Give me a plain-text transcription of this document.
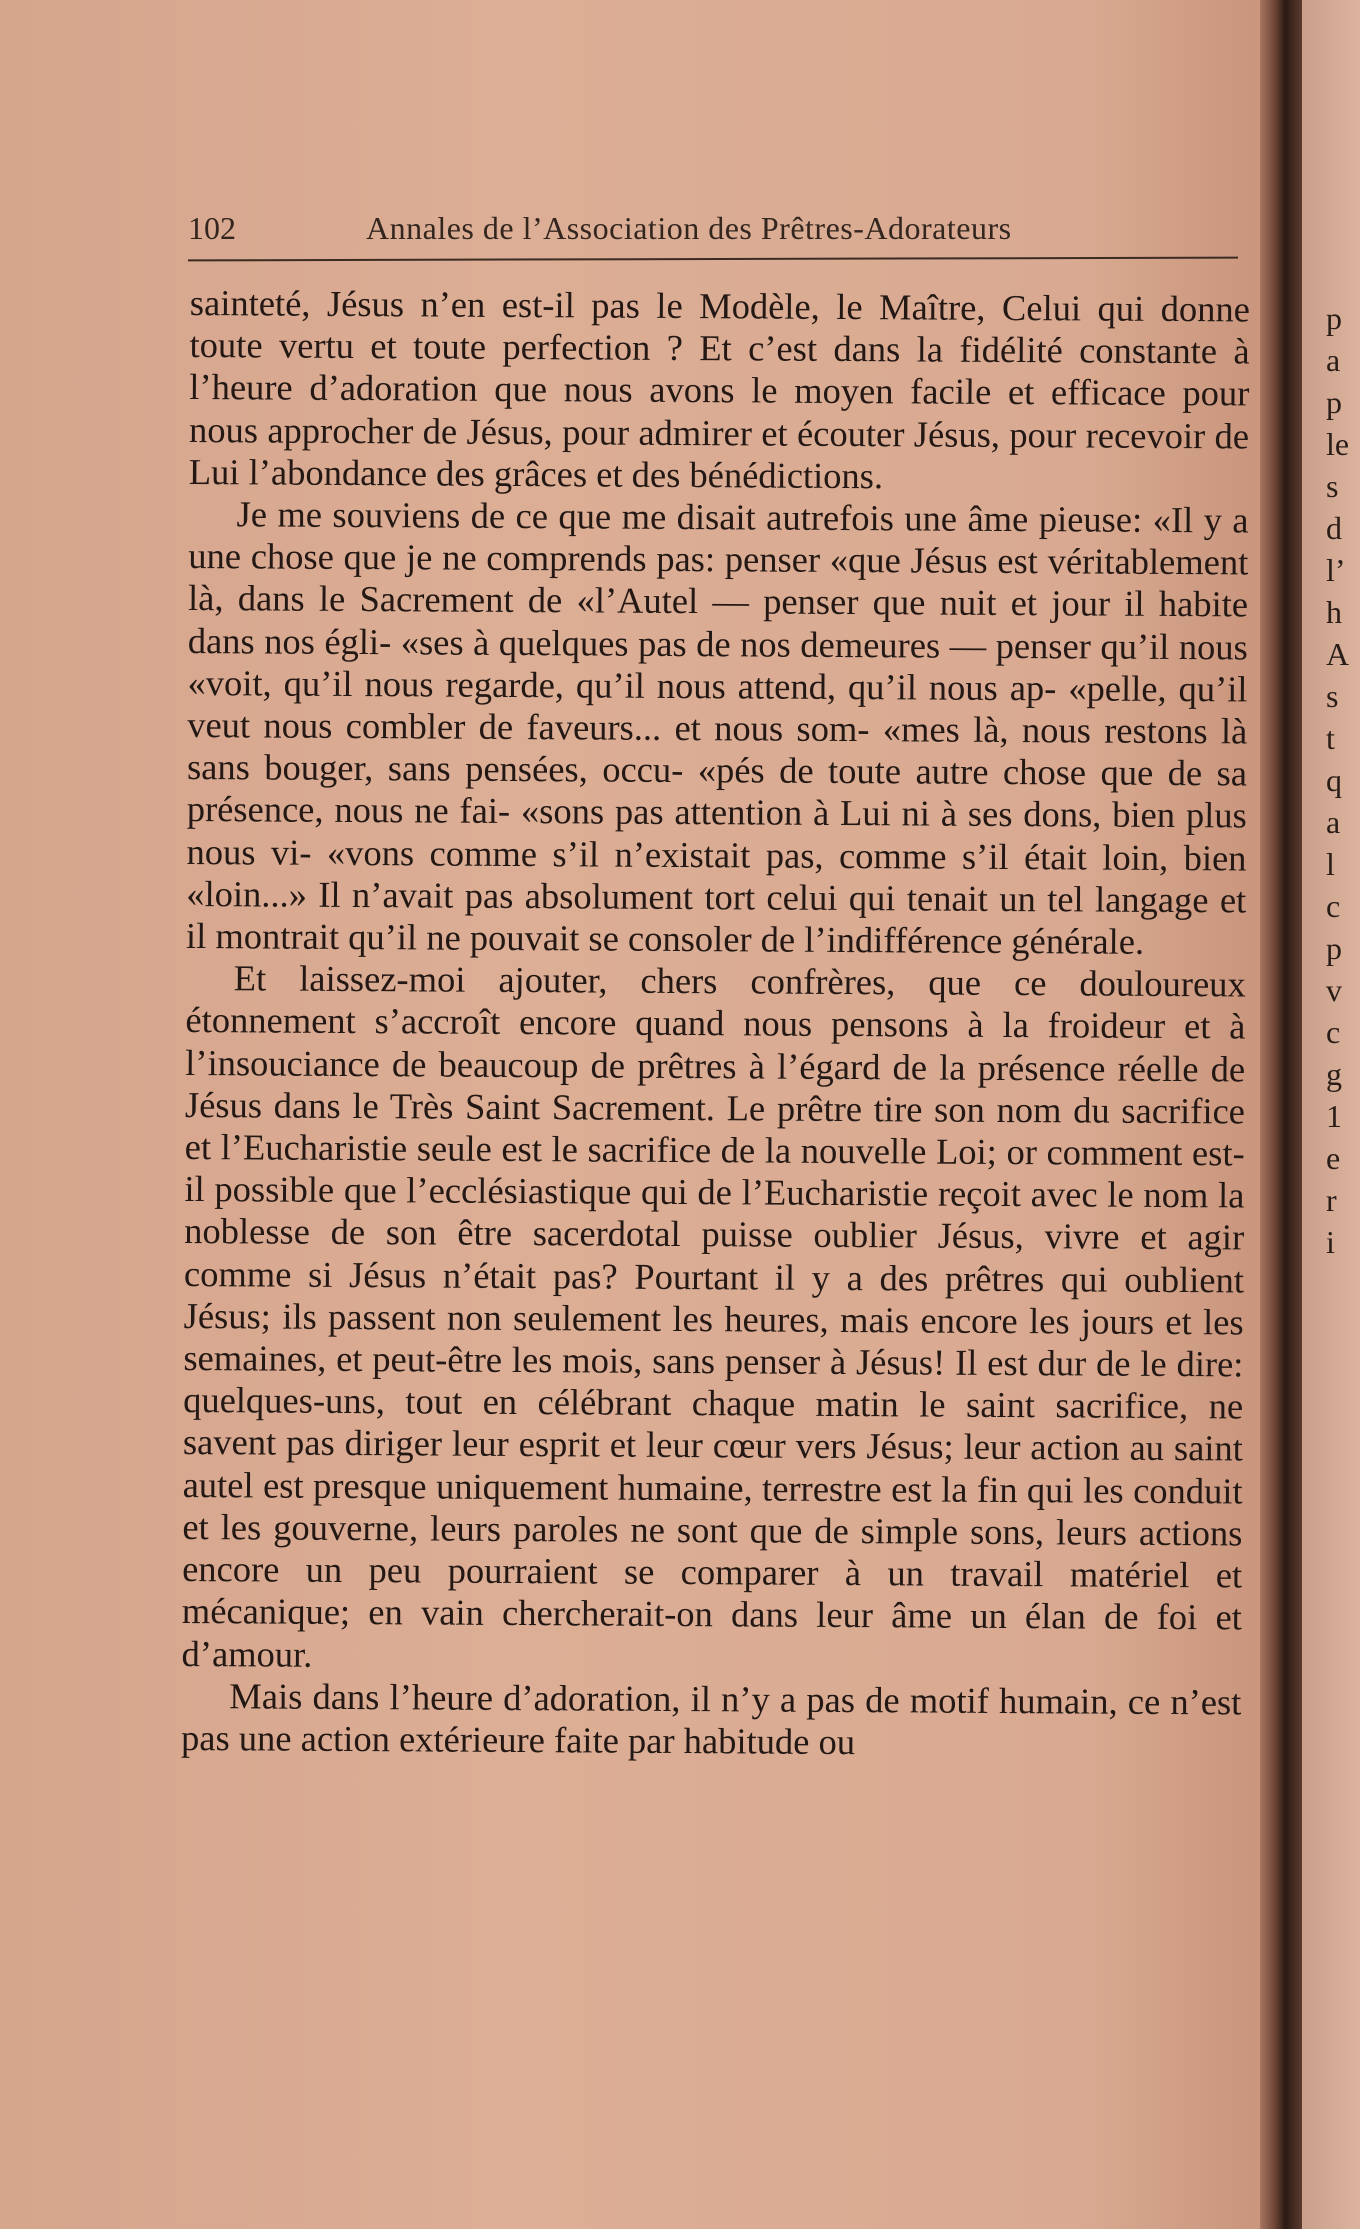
102	Annales de l’Association des Prêtres-Adorateurs

sainteté, Jésus n’en est-il pas le Modèle, le Maître, Celui qui donne toute vertu et toute perfection ? Et c’est dans la fidélité constante à l’heure d’adoration que nous avons le moyen facile et efficace pour nous approcher de Jésus, pour admirer et écouter Jésus, pour recevoir de Lui l’abondance des grâces et des bénédictions.

Je me souviens de ce que me disait autrefois une âme pieuse: «Il y a une chose que je ne comprends pas: penser «que Jésus est véritablement là, dans le Sacrement de «l’Autel — penser que nuit et jour il habite dans nos égli- «ses à quelques pas de nos demeures — penser qu’il nous «voit, qu’il nous regarde, qu’il nous attend, qu’il nous ap- «pelle, qu’il veut nous combler de faveurs... et nous som- «mes là, nous restons là sans bouger, sans pensées, occu- «pés de toute autre chose que de sa présence, nous ne fai- «sons pas attention à Lui ni à ses dons, bien plus nous vi- «vons comme s’il n’existait pas, comme s’il était loin, bien «loin...» Il n’avait pas absolument tort celui qui tenait un tel langage et il montrait qu’il ne pouvait se consoler de l’indifférence générale.

Et laissez-moi ajouter, chers confrères, que ce douloureux étonnement s’accroît encore quand nous pensons à la froideur et à l’insouciance de beaucoup de prêtres à l’égard de la présence réelle de Jésus dans le Très Saint Sacrement. Le prêtre tire son nom du sacrifice et l’Eucharistie seule est le sacrifice de la nouvelle Loi; or comment est-il possible que l’ecclésiastique qui de l’Eucharistie reçoit avec le nom la noblesse de son être sacerdotal puisse oublier Jésus, vivre et agir comme si Jésus n’était pas? Pourtant il y a des prêtres qui oublient Jésus; ils passent non seulement les heures, mais encore les jours et les semaines, et peut-être les mois, sans penser à Jésus! Il est dur de le dire: quelques-uns, tout en célébrant chaque matin le saint sacrifice, ne savent pas diriger leur esprit et leur cœur vers Jésus; leur action au saint autel est presque uniquement humaine, terrestre est la fin qui les conduit et les gouverne, leurs paroles ne sont que de simple sons, leurs actions encore un peu pourraient se comparer à un travail matériel et mécanique; en vain chercherait-on dans leur âme un élan de foi et d’amour.

Mais dans l’heure d’adoration, il n’y a pas de motif humain, ce n’est pas une action extérieure faite par habitude ou

p
a
p
le
s
d
l’
h
A
s
t
q
a
l
c
p
v
c
g
1
e
r
i
